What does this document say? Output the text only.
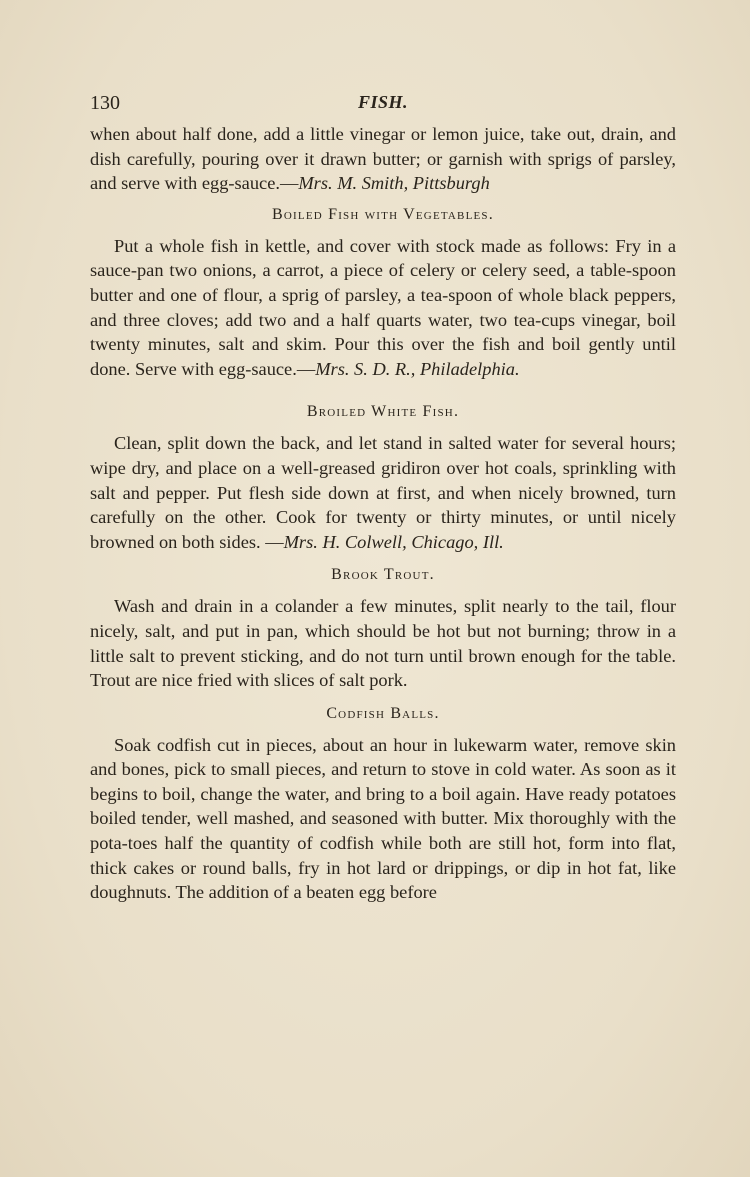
130	FISH.

when about half done, add a little vinegar or lemon juice, take out, drain, and dish carefully, pouring over it drawn butter; or garnish with sprigs of parsley, and serve with egg-sauce.—Mrs. M. Smith, Pittsburgh

Boiled Fish with Vegetables.

Put a whole fish in kettle, and cover with stock made as follows: Fry in a sauce-pan two onions, a carrot, a piece of celery or celery seed, a table-spoon butter and one of flour, a sprig of parsley, a tea-spoon of whole black peppers, and three cloves; add two and a half quarts water, two tea-cups vinegar, boil twenty minutes, salt and skim. Pour this over the fish and boil gently until done. Serve with egg-sauce.—Mrs. S. D. R., Philadelphia.

Broiled White Fish.

Clean, split down the back, and let stand in salted water for several hours; wipe dry, and place on a well-greased gridiron over hot coals, sprinkling with salt and pepper. Put flesh side down at first, and when nicely browned, turn carefully on the other. Cook for twenty or thirty minutes, or until nicely browned on both sides. —Mrs. H. Colwell, Chicago, Ill.

Brook Trout.

Wash and drain in a colander a few minutes, split nearly to the tail, flour nicely, salt, and put in pan, which should be hot but not burning; throw in a little salt to prevent sticking, and do not turn until brown enough for the table. Trout are nice fried with slices of salt pork.

Codfish Balls.

Soak codfish cut in pieces, about an hour in lukewarm water, remove skin and bones, pick to small pieces, and return to stove in cold water. As soon as it begins to boil, change the water, and bring to a boil again. Have ready potatoes boiled tender, well mashed, and seasoned with butter. Mix thoroughly with the pota-toes half the quantity of codfish while both are still hot, form into flat, thick cakes or round balls, fry in hot lard or drippings, or dip in hot fat, like doughnuts. The addition of a beaten egg before
